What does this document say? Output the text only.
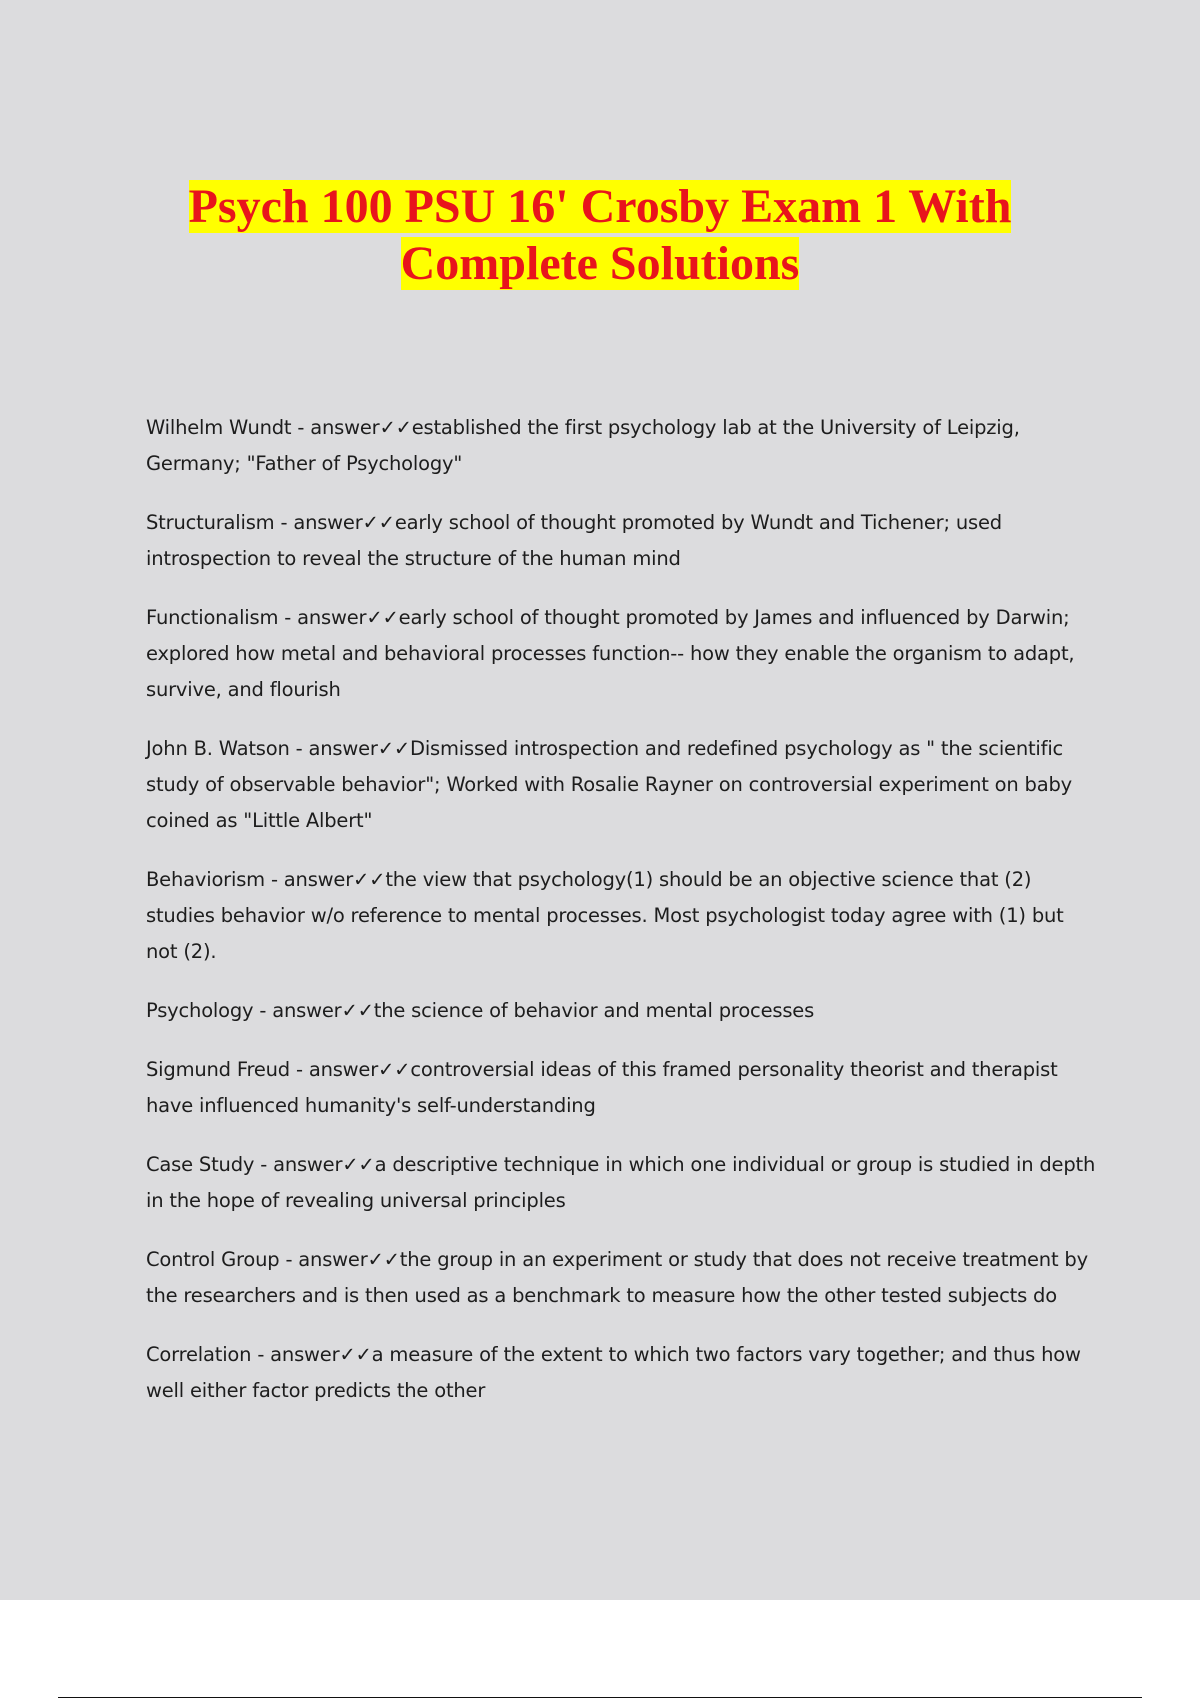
Psych 100 PSU 16' Crosby Exam 1 With
Complete Solutions

Wilhelm Wundt - answer✓✓established the first psychology lab at the University of Leipzig, Germany; "Father of Psychology"

Structuralism - answer✓✓early school of thought promoted by Wundt and Tichener; used introspection to reveal the structure of the human mind

Functionalism - answer✓✓early school of thought promoted by James and influenced by Darwin; explored how metal and behavioral processes function-- how they enable the organism to adapt, survive, and flourish

John B. Watson - answer✓✓Dismissed introspection and redefined psychology as " the scientific study of observable behavior"; Worked with Rosalie Rayner on controversial experiment on baby coined as "Little Albert"

Behaviorism - answer✓✓the view that psychology(1) should be an objective science that (2) studies behavior w/o reference to mental processes. Most psychologist today agree with (1) but not (2).

Psychology - answer✓✓the science of behavior and mental processes

Sigmund Freud - answer✓✓controversial ideas of this framed personality theorist and therapist have influenced humanity's self-understanding

Case Study - answer✓✓a descriptive technique in which one individual or group is studied in depth in the hope of revealing universal principles

Control Group - answer✓✓the group in an experiment or study that does not receive treatment by the researchers and is then used as a benchmark to measure how the other tested subjects do

Correlation - answer✓✓a measure of the extent to which two factors vary together; and thus how well either factor predicts the other
